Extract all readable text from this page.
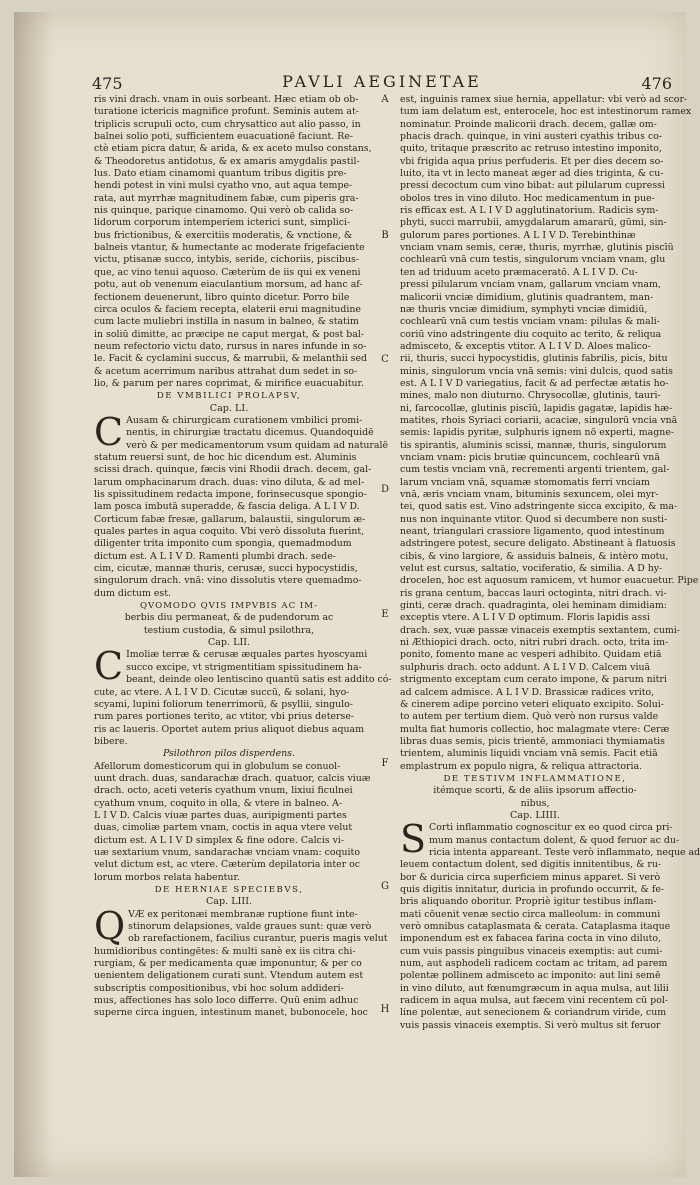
475	PAVLI AEGINETAE	476
ris vini drach. vnam in ouis sorbeant. Hæc etiam ob ob-
turatione ictericis magnifice profunt. Seminis autem at-
triplicis scrupuli octo, cum chrysattico aut alio passo, in
balnei solio poti, sufficientem euacuationē faciunt. Re-
ctè etiam picra datur, & arida, & ex aceto mulso constans,
& Theodoretus antidotus, & ex amaris amygdalis pastil-
lus. Dato etiam cinamomi quantum tribus digitis pre-
hendi potest in vini mulsi cyatho vno, aut aqua tempe-
rata, aut myrrhæ magnitudinem fabæ, cum piperis gra-
nis quinque, parique cinamomo. Qui verò ob calida so-
lidorum corporum intemperiem icterici sunt, simplici-
bus frictionibus, & exercitiis moderatis, & vnctione, &
balneis vtantur, & humectante ac moderate frigefaciente
victu, ptisanæ succo, intybis, seride, cichoriis, piscibus-
que, ac vino tenui aquoso. Cæterùm de iis qui ex veneni
potu, aut ob venenum eiaculantium morsum, ad hanc af-
fectionem deuenerunt, libro quinto dicetur. Porro bile
circa oculos & faciem recepta, elaterii erui magnitudine
cum lacte muliebri instilla in nasum in balneo, & statim
in soliū dimitte, ac præcipe ne caput mergat, & post bal-
neum refectorio victu dato, rursus in nares infunde in so-
le. Facit & cyclamini succus, & marrubii, & melanthii sed
& acetum acerrimum naribus attrahat dum sedet in so-
lio, & parum per nares coprimat, & mirifice euacuabitur.
DE VMBILICI PROLAPSV,
Cap. LI.
C Ausam & chirurgicam curationem vmbilici promi-
nentis, in chirurgiæ tractatu dicemus. Quandoquidē
verò & per medicamentorum vsum quidam ad naturalē
statum reuersi sunt, de hoc hic dicendum est. Aluminis
scissi drach. quinque, fæcis vini Rhodii drach. decem, gal-
larum omphacinarum drach. duas: vino diluta, & ad mel-
lis spissitudinem redacta impone, forinsecusque spongio-
lam posca imbutā superadde, & fascia deliga. A L I V D.
Corticum fabæ fresæ, gallarum, balaustii, singulorum æ-
quales partes in aqua coquito. Vbi verò dissoluta fuerint,
diligenter trita imponito cum spongia, quemadmodum
dictum est. A L I V D. Ramenti plumbi drach. sede-
cim, cicutæ, mannæ thuris, cerusæ, succi hypocystidis,
singulorum drach. vnā: vino dissolutis vtere quemadmo-
dum dictum est.
QVOMODO QVIS IMPVBIS AC IM-
berbis diu permaneat, & de pudendorum ac
testium custodia, & simul psilothra,
Cap. LII.
C Imoliæ terræ & cerusæ æquales partes hyoscyami
succo excipe, vt strigmentitiam spissitudinem ha-
beant, deinde oleo lentiscino quantū satis est addito có-
cute, ac vtere. A L I V D. Cicutæ succū, & solani, hyo-
scyami, lupini foliorum tenerrimorū, & psyllii, singulo-
rum pares portiones terito, ac vtitor, vbi prius deterse-
ris ac laueris. Oportet autem prius aliquot diebus aquam
bibere.
Psilothron pilos disperdens.
Afellorum domesticorum qui in globulum se conuol-
uunt drach. duas, sandarachæ drach. quatuor, calcis viuæ
drach. octo, aceti veteris cyathum vnum, lixiui ficulnei
cyathum vnum, coquito in olla, & vtere in balneo. A-
L I V D. Calcis viuæ partes duas, auripigmenti partes
duas, cimoliæ partem vnam, coctis in aqua vtere velut
dictum est. A L I V D simplex & fine odore. Calcis vi-
uæ sextarium vnum, sandarachæ vnciam vnam: coquito
velut dictum est, ac vtere. Cæterùm depilatoria inter oc
lorum morbos relata habentur.
DE HERNIAE SPECIEBVS,
Cap. LIII.
Q VÆ ex peritonæi membranæ ruptione fiunt inte-
stinorum delapsiones, valde graues sunt: quæ verò
ob rarefactionem, facilius curantur, pueris magis velut
humidioribus contingētes: & multi sanè ex iis citra chi-
rurgiam, & per medicamenta quæ imponuntur, & per co
uenientem deligationem curati sunt. Vtendum autem est
subscriptis compositionibus, vbi hoc solum addideri-
mus, affectiones has solo loco differre. Quū enim adhuc
superne circa inguen, intestinum manet, bubonocele, hoc
A
B
C
D
E
F
G
H
est, inguinis ramex siue hernia, appellatur: vbi verò ad scor-
tum iam delatum est, enterocele, hoc est intestinorum ramex
nominatur. Proinde malicorii drach. decem, gallæ om-
phacis drach. quinque, in vini austeri cyathis tribus co-
quito, tritaque præscrito ac retruso intestino imponito,
vbi frigida aqua prius perfuderis. Et per dies decem so-
luito, ita vt in lecto maneat æger ad dies triginta, & cu-
pressi decoctum cum vino bibat: aut pilularum cupressi
obolos tres in vino diluto. Hoc medicamentum in pue-
ris efficax est. A L I V D agglutinatorium. Radicis sym-
phyti, succi marrubii, amygdalarum amararū, gūmi, sin-
gulorum pares portiones. A L I V D. Terebinthinæ
vnciam vnam semis, ceræ, thuris, myrrhæ, glutinis piscīū
cochlearū vnā cum testis, singulorum vnciam vnam, glu
ten ad triduum aceto præmaceratō. A L I V D. Cu-
pressi pilularum vnciam vnam, gallarum vnciam vnam,
malicorii vnciæ dimidium, glutinis quadrantem, man-
næ thuris vnciæ dimidium, symphyti vnciæ dimidiū,
cochlearū vnā cum testis vnciam vnam: pilulas & mali-
coriū vino adstringente diu coquito ac terito, & reliqua
admisceto, & exceptis vtitor. A L I V D. Aloes malico-
rii, thuris, succi hypocystidis, glutinis fabrilis, picis, bitu
minis, singulorum vncia vnā semis: vini dulcis, quod satis
est. A L I V D variegatius, facit & ad perfectæ ætatis ho-
mines, malo non diuturno. Chrysocollæ, glutinis, tauri-
ni, farcocollæ, glutinis piscīū, lapidis gagatæ, lapidis hæ-
matites, rhois Syriaci coriarii, acaciæ, singulorū vncia vnā
semis: lapidis pyritæ, sulphuris ignem nō experti, magne-
tis spirantis, aluminis scissi, mannæ, thuris, singulorum
vnciam vnam: picis brutiæ quincuncem, cochlearū vnā
cum testis vnciam vnā, recrementi argenti trientem, gal-
larum vnciam vnā, squamæ stomomatis ferri vnciam
vnā, æris vnciam vnam, bituminis sexuncem, olei myr-
tei, quod satis est. Vino adstringente sicca excipito, & ma-
nus non inquinante vtitor. Quod si decumbere non susti-
neant, triangulari crassiore ligamento, quod intestinum
adstringere potest, secure deligato. Abstineant à flatuosis
cibis, & vino largiore, & assiduis balneis, & intèro motu,
velut est cursus, saltatio, vociferatio, & similia. A D hy-
drocelen, hoc est aquosum ramicem, vt humor euacuetur. Pipe
ris grana centum, baccas lauri octoginta, nitri drach. vi-
ginti, ceræ drach. quadraginta, olei heminam dimidiam:
exceptis vtere. A L I V D optimum. Floris lapidis assi
drach. sex, vuæ passæ vinaceis exemptis sextantem, cumi-
ni Æthiopici drach. octo, nitri rubri drach. octo, trita im-
ponito, fomento mane ac vesperi adhibito. Quidam etiā
sulphuris drach. octo addunt. A L I V D. Calcem viuā
strigmento exceptam cum cerato impone, & parum nitri
ad calcem admisce. A L I V D. Brassicæ radices vrito,
& cinerem adipe porcino veteri eliquato excipito. Solui-
to autem per tertium diem. Quò verò non rursus valde
multa fiat humoris collectio, hoc malagmate vtere: Ceræ
libras duas semis, picis trientē, ammoniaci thymiamatis
trientem, aluminis liquidi vnciam vnā semis. Facit etiā
emplastrum ex populo nigra, & reliqua attractoria.
DE TESTIVM INFLAMMATIONE,
itémque scorti, & de aliis ipsorum affectio-
nibus,
Cap. LIIII.
S Corti inflammatio cognoscitur ex eo quod circa pri-
mum manus contactum dolent, & quod feruor ac du-
ricia intenta appareant. Teste verò inflammato, neque ad
leuem contactum dolent, sed digitis innitentibus, & ru-
bor & duricia circa superficiem minus apparet. Si verò
quis digitis innitatur, duricia in profundo occurrit, & fe-
bris aliquando oboritur. Propriè igitur testibus inflam-
mati cōuenit venæ sectio circa malleolum: in communi
verò omnibus cataplasmata & cerata. Cataplasma itaque
imponendum est ex fabacea farina cocta in vino diluto,
cum vuis passis pinguibus vinaceis exemptis: aut cumi-
num, aut asphodeli radicem coctam ac tritam, ad parem
polentæ pollinem admisceto ac imponito: aut lini semē
in vino diluto, aut fœnumgræcum in aqua mulsa, aut lilii
radicem in aqua mulsa, aut fæcem vini recentem cū pol-
line polentæ, aut senecionem & coriandrum viride, cum
vuis passis vinaceis exemptis. Si verò multus sit feruor
